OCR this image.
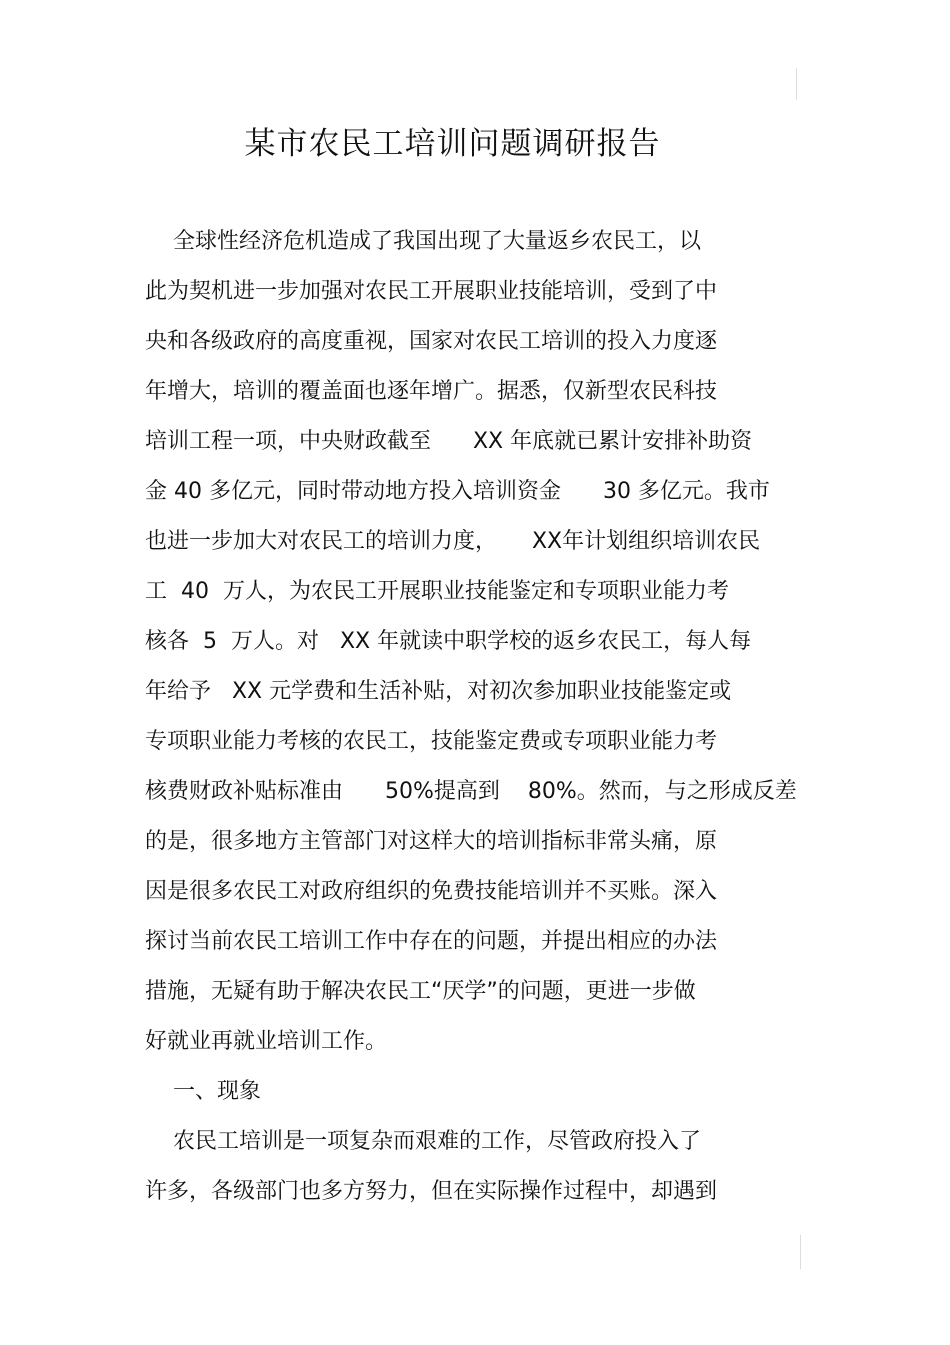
某市农民工培训问题调研报告
全球性经济危机造成了我国出现了大量返乡农民工，以
此为契机进一步加强对农民工开展职业技能培训，受到了中
央和各级政府的高度重视，国家对农民工培训的投入力度逐
年增大，培训的覆盖面也逐年增广。据悉，仅新型农民科技
培训工程一项，中央财政截至      XX 年底就已累计安排补助资
金 40 多亿元，同时带动地方投入培训资金      30 多亿元。我市
也进一步加大对农民工的培训力度，     XX年计划组织培训农民
工  40  万人，为农民工开展职业技能鉴定和专项职业能力考
核各  5  万人。对   XX 年就读中职学校的返乡农民工，每人每
年给予   XX 元学费和生活补贴，对初次参加职业技能鉴定或
专项职业能力考核的农民工，技能鉴定费或专项职业能力考
核费财政补贴标准由      50%提高到    80%。然而，与之形成反差
的是，很多地方主管部门对这样大的培训指标非常头痛，原
因是很多农民工对政府组织的免费技能培训并不买账。深入
探讨当前农民工培训工作中存在的问题，并提出相应的办法
措施，无疑有助于解决农民工“厌学”的问题，更进一步做
好就业再就业培训工作。
一、现象
农民工培训是一项复杂而艰难的工作，尽管政府投入了
许多，各级部门也多方努力，但在实际操作过程中，却遇到
